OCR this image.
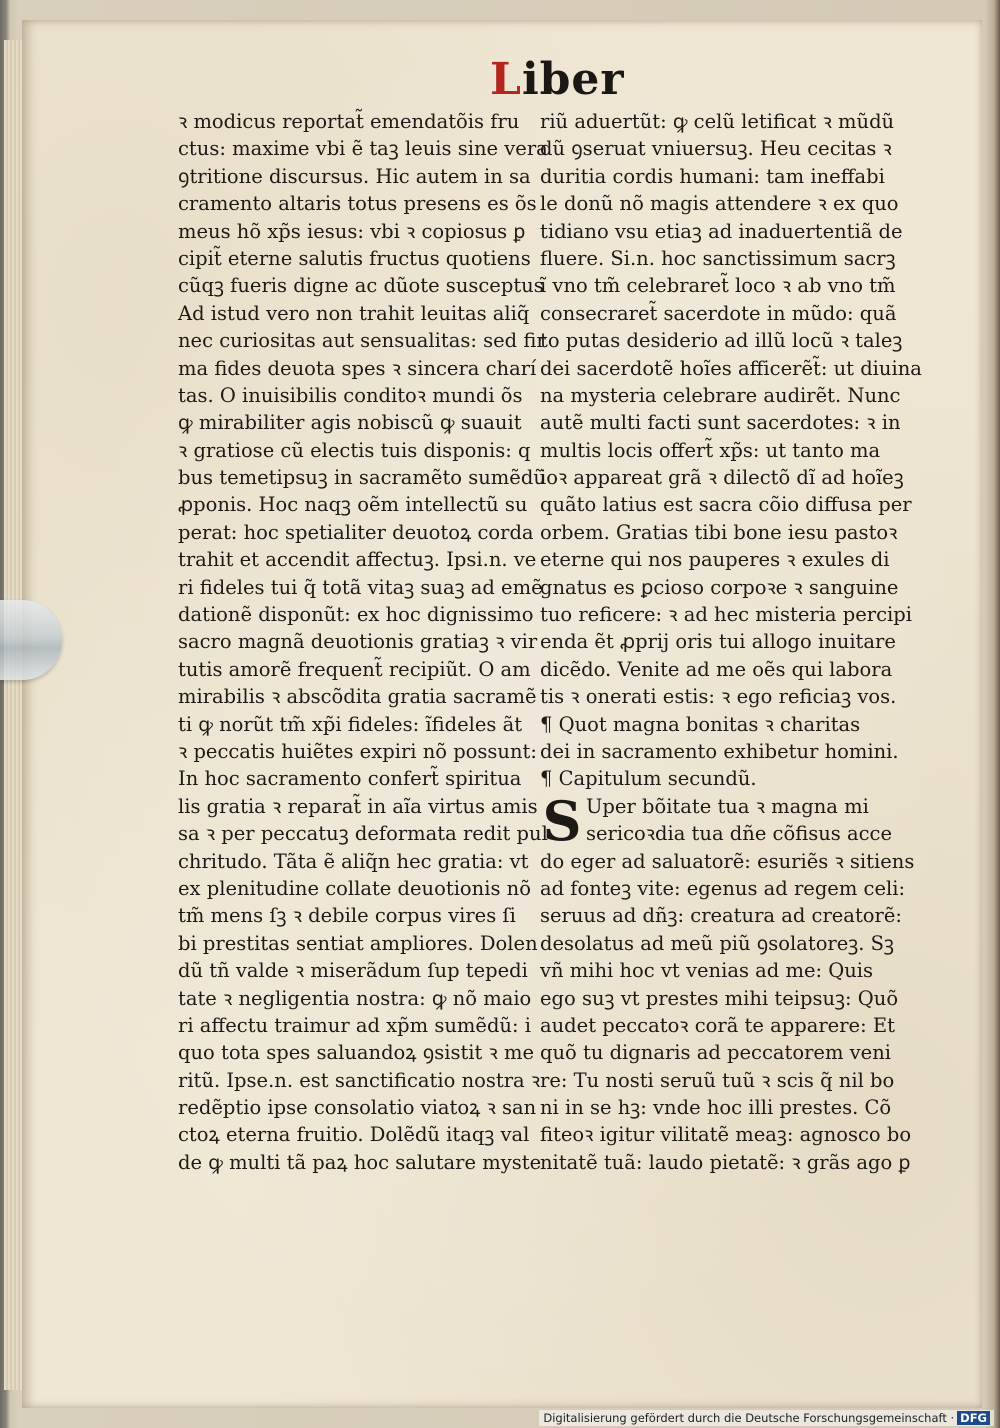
Liber
ꝛ modicus reportat̃ emendatõis fru
ctus: maxime vbi ẽ taꝫ leuis sine vera
ꝯtritione discursus. Hic autem in sa
cramento altaris totus presens es õs
meus hõ xp̃s iesus: vbi ꝛ copiosus ꝑ
cipit̃ eterne salutis fructus quotiens
cũqꝫ fueris digne ac dũote susceptus
Ad istud vero non trahit leuitas aliq̃
nec curiositas aut sensualitas: sed fir
ma fides deuota spes ꝛ sincera charí
tas. O inuisibilis conditoꝛ mundi õs
ꝙ mirabiliter agis nobiscũ ꝙ suauit
ꝛ gratiose cũ electis tuis disponis: q
bus temetipsuꝫ in sacramẽto sumẽdũ
ꝓponis. Hoc naqꝫ oẽm intellectũ su
perat: hoc spetialiter deuotoꝝ corda
trahit et accendit affectuꝫ. Ipsi.n. ve
ri fideles tui q̃ totã vitaꝫ suaꝫ ad emẽ
dationẽ disponũt: ex hoc dignissimo
sacro magnã deuotionis gratiaꝫ ꝛ vir
tutis amorẽ frequent̃ recipiũt. O am
mirabilis ꝛ abscõdita gratia sacramẽ
ti ꝙ norũt tm̃ xp̃i fideles: ĩfideles ãt
ꝛ peccatis huiẽtes expiri nõ possunt:
In hoc sacramento confert̃ spiritua
lis gratia ꝛ reparat̃ in aĩa virtus amis
sa ꝛ per peccatuꝫ deformata redit pul
chritudo. Tãta ẽ aliq̃n hec gratia: vt
ex plenitudine collate deuotionis nõ
tm̃ mens ſꝫ ꝛ debile corpus vires ſi
bi prestitas sentiat ampliores. Dolen
dũ tñ valde ꝛ miserãdum ſup tepedi
tate ꝛ negligentia nostra: ꝙ nõ maio
ri affectu traimur ad xp̃m sumẽdũ: i
quo tota spes saluandoꝝ ꝯsistit ꝛ me
ritũ. Ipse.n. est sanctificatio nostra ꝛ
redẽptio ipse consolatio viatoꝝ ꝛ san
ctoꝝ eterna fruitio. Dolẽdũ itaqꝫ val
de ꝙ multi tã paꝝ hoc salutare myste
riũ aduertũt: ꝙ celũ letificat ꝛ mũdũ
dũ ꝯseruat vniuersuꝫ. Heu cecitas ꝛ
duritia cordis humani: tam ineffabi
le donũ nõ magis attendere ꝛ ex quo
tidiano vsu etiaꝫ ad inaduertentiã de
fluere. Si.n. hoc sanctissimum sacrꝫ
ĩ vno tm̃ celebraret̃ loco ꝛ ab vno tm̃
consecraret̃ sacerdote in mũdo: quã
to putas desiderio ad illũ locũ ꝛ taleꝫ
dei sacerdotẽ hoĩes afficerẽt̃: ut diuina
na mysteria celebrare audirẽt. Nunc
autẽ multi facti sunt sacerdotes: ꝛ in
multis locis offert̃ xp̃s: ut tanto ma
ioꝛ appareat grã ꝛ dilectõ dĩ ad hoĩeꝫ
quãto latius est sacra cõio diffusa per
orbem. Gratias tibi bone iesu pastoꝛ
eterne qui nos pauperes ꝛ exules di
gnatus es ꝑcioso corpoꝛe ꝛ sanguine
tuo reficere: ꝛ ad hec misteria percipi
enda ẽt ꝓprij oris tui allogo inuitare
dicẽdo. Venite ad me oẽs qui labora
tis ꝛ onerati estis: ꝛ ego reficiaꝫ vos.
¶ Quot magna bonitas ꝛ charitas
dei in sacramento exhibetur homini.
¶ Capitulum secundũ.
S Uper bõitate tua ꝛ magna mi
sericoꝛdia tua dñe cõfisus acce
do eger ad saluatorẽ: esuriẽs ꝛ sitiens
ad fonteꝫ vite: egenus ad regem celi:
seruus ad dñꝫ: creatura ad creatorẽ:
desolatus ad meũ piũ ꝯsolatoreꝫ. Sꝫ
vñ mihi hoc vt venias ad me: Quis
ego suꝫ vt prestes mihi teipsuꝫ: Quõ
audet peccatoꝛ corã te apparere: Et
quõ tu dignaris ad peccatorem veni
re: Tu nosti seruũ tuũ ꝛ scis q̃ nil bo
ni in se hꝫ: vnde hoc illi prestes. Cõ
fiteoꝛ igitur vilitatẽ meaꝫ: agnosco bo
nitatẽ tuã: laudo pietatẽ: ꝛ grãs ago ꝑ
Digitalisierung gefördert durch die Deutsche Forschungsgemeinschaft · DFG
